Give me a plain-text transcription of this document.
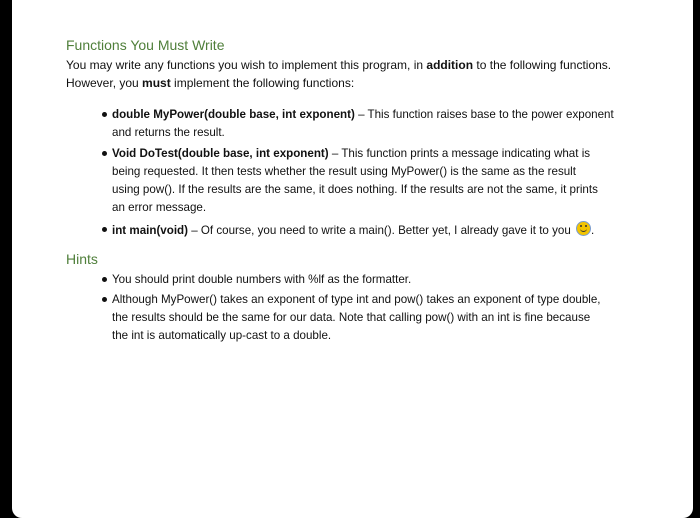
Functions You Must Write
You may write any functions you wish to implement this program, in addition to the following functions.
However, you must implement the following functions:
double MyPower(double base, int exponent) – This function raises base to the power exponent
and returns the result.
Void DoTest(double base, int exponent) – This function prints a message indicating what is
being requested. It then tests whether the result using MyPower() is the same as the result
using pow(). If the results are the same, it does nothing. If the results are not the same, it prints
an error message.
int main(void) – Of course, you need to write a main(). Better yet, I already gave it to you .
Hints
You should print double numbers with %lf as the formatter.
Although MyPower() takes an exponent of type int and pow() takes an exponent of type double,
the results should be the same for our data. Note that calling pow() with an int is fine because
the int is automatically up-cast to a double.
